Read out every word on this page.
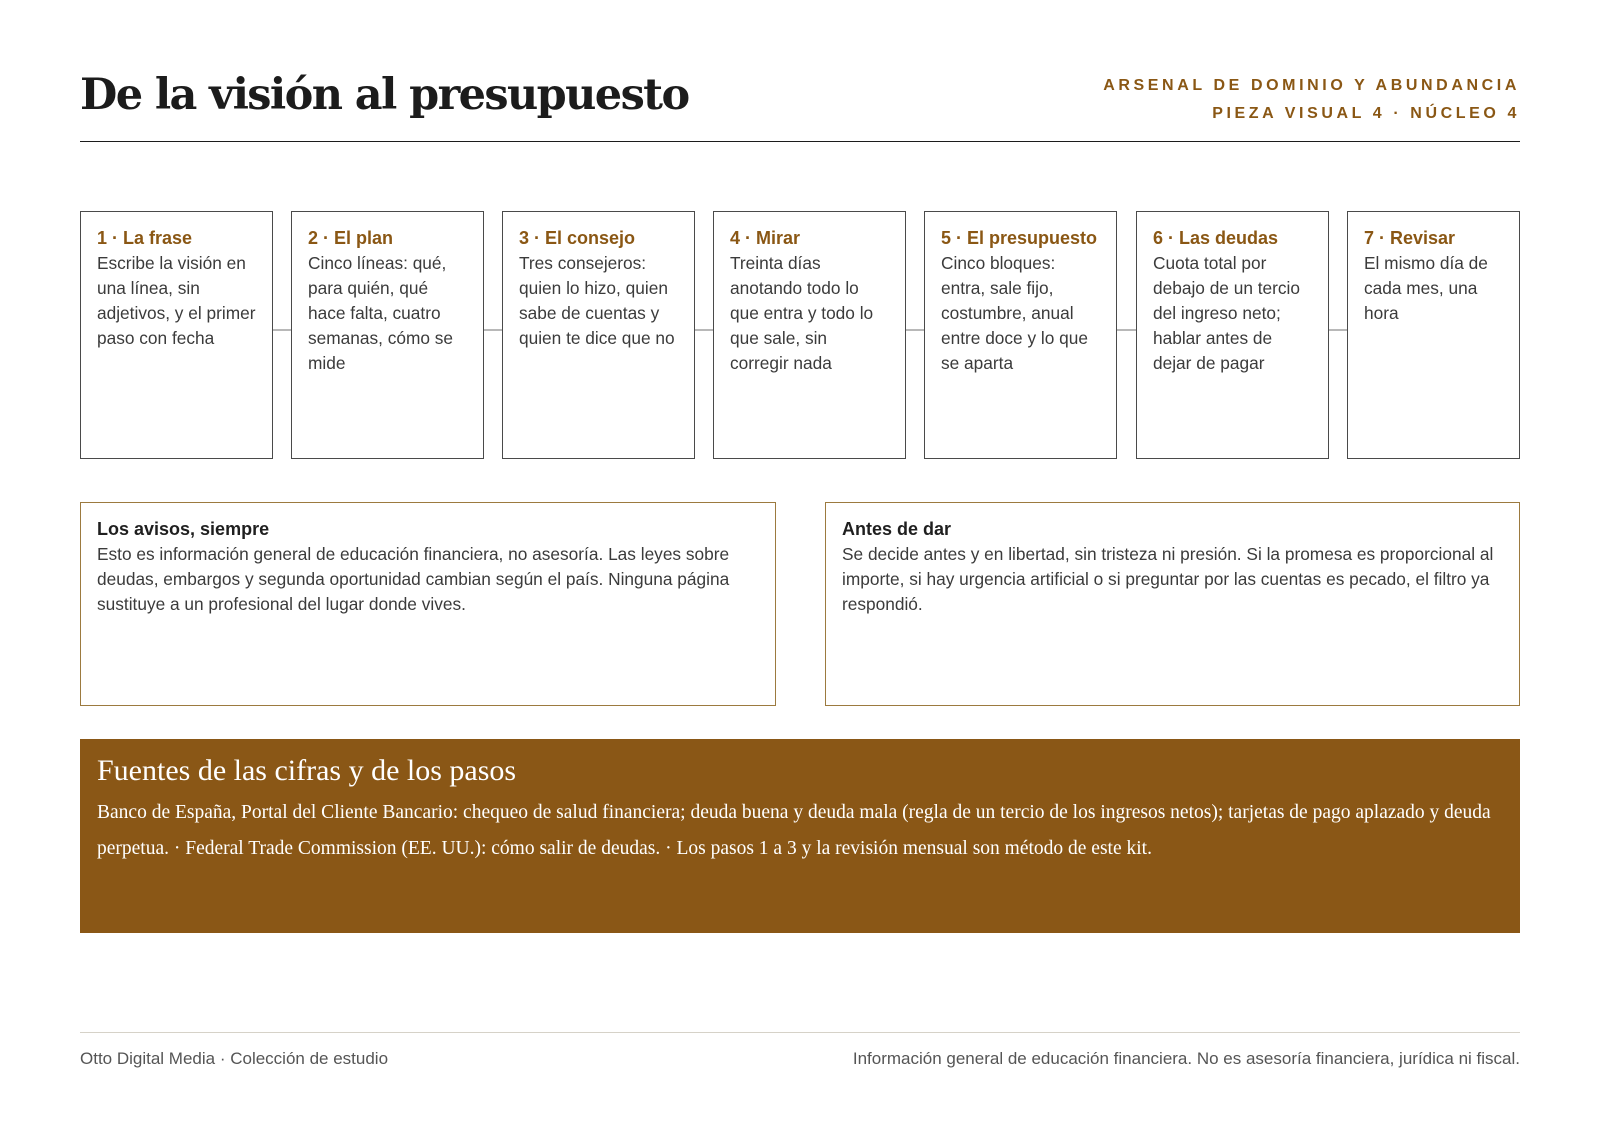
De la visión al presupuesto	ARSENAL DE DOMINIO Y ABUNDANCIA
PIEZA VISUAL 4 · NÚCLEO 4
1 · La frase
Escribe la visión en una línea, sin adjetivos, y el primer paso con fecha
2 · El plan
Cinco líneas: qué, para quién, qué hace falta, cuatro semanas, cómo se mide
3 · El consejo
Tres consejeros: quien lo hizo, quien sabe de cuentas y quien te dice que no
4 · Mirar
Treinta días anotando todo lo que entra y todo lo que sale, sin corregir nada
5 · El presupuesto
Cinco bloques: entra, sale fijo, costumbre, anual entre doce y lo que se aparta
6 · Las deudas
Cuota total por debajo de un tercio del ingreso neto; hablar antes de dejar de pagar
7 · Revisar
El mismo día de cada mes, una hora
Los avisos, siempre
Esto es información general de educación financiera, no asesoría. Las leyes sobre deudas, embargos y segunda oportunidad cambian según el país. Ninguna página sustituye a un profesional del lugar donde vives.
Antes de dar
Se decide antes y en libertad, sin tristeza ni presión. Si la promesa es proporcional al importe, si hay urgencia artificial o si preguntar por las cuentas es pecado, el filtro ya respondió.
Fuentes de las cifras y de los pasos
Banco de España, Portal del Cliente Bancario: chequeo de salud financiera; deuda buena y deuda mala (regla de un tercio de los ingresos netos); tarjetas de pago aplazado y deuda perpetua. · Federal Trade Commission (EE. UU.): cómo salir de deudas. · Los pasos 1 a 3 y la revisión mensual son método de este kit.
Otto Digital Media · Colección de estudio	Información general de educación financiera. No es asesoría financiera, jurídica ni fiscal.
